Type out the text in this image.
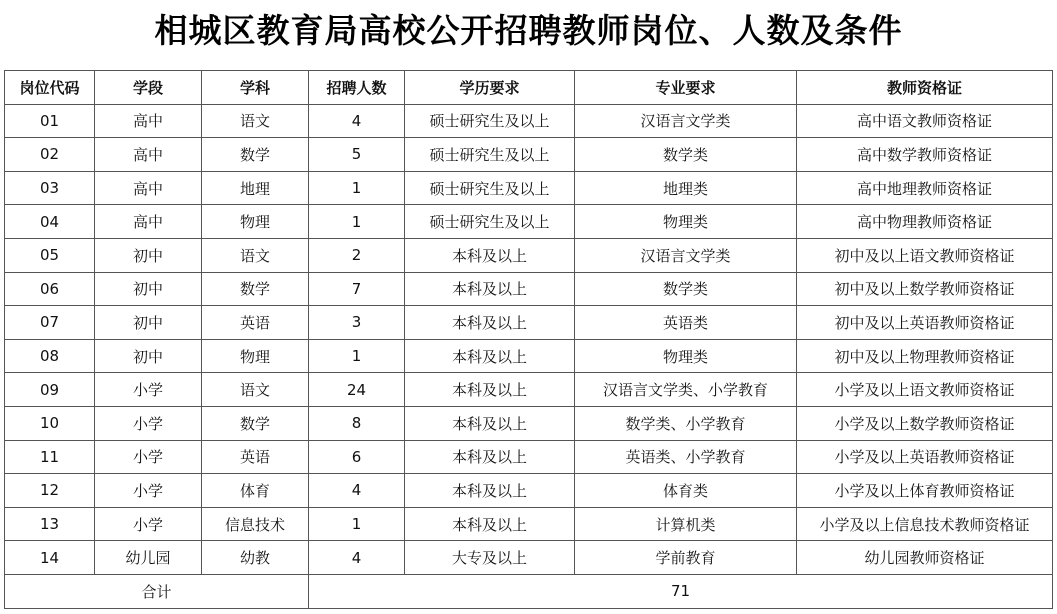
相城区教育局高校公开招聘教师岗位、人数及条件
岗位代码	学段	学科	招聘人数	学历要求	专业要求	教师资格证
01	高中	语文	4	硕士研究生及以上	汉语言文学类	高中语文教师资格证
02	高中	数学	5	硕士研究生及以上	数学类	高中数学教师资格证
03	高中	地理	1	硕士研究生及以上	地理类	高中地理教师资格证
04	高中	物理	1	硕士研究生及以上	物理类	高中物理教师资格证
05	初中	语文	2	本科及以上	汉语言文学类	初中及以上语文教师资格证
06	初中	数学	7	本科及以上	数学类	初中及以上数学教师资格证
07	初中	英语	3	本科及以上	英语类	初中及以上英语教师资格证
08	初中	物理	1	本科及以上	物理类	初中及以上物理教师资格证
09	小学	语文	24	本科及以上	汉语言文学类、小学教育	小学及以上语文教师资格证
10	小学	数学	8	本科及以上	数学类、小学教育	小学及以上数学教师资格证
11	小学	英语	6	本科及以上	英语类、小学教育	小学及以上英语教师资格证
12	小学	体育	4	本科及以上	体育类	小学及以上体育教师资格证
13	小学	信息技术	1	本科及以上	计算机类	小学及以上信息技术教师资格证
14	幼儿园	幼教	4	大专及以上	学前教育	幼儿园教师资格证
合计			71			
